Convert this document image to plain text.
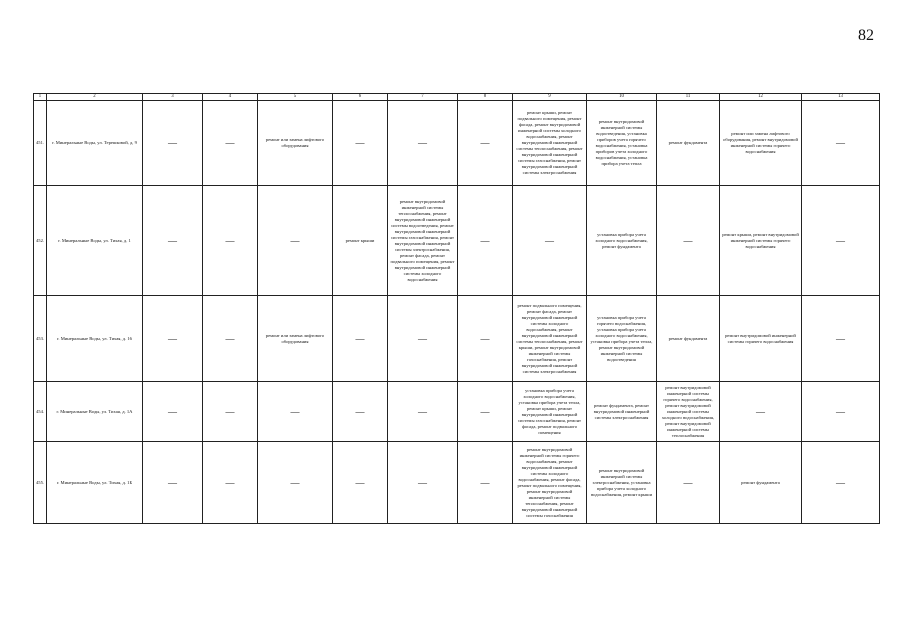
82
1	2	3	4	5	6	7	8	9	10	11	12	13
451.	г. Минеральные Воды, ул. Терешковой, д. 9	—	—	ремонт или замена лифтового оборудования	—	—	—	ремонт крыши, ремонт подвального помещения, ремонт фасада, ремонт внутридомовой инженерной системы холодного водоснабжения, ремонт внутридомовой инженерной системы теплоснабжения, ремонт внутридомовой инженерной системы газоснабжения, ремонт внутридомовой инженерной системы электроснабжения	ремонт внутридомовой инженерной системы водоотведения, установка приборов учета горячего водоснабжения, установка приборов учета холодного водоснабжения, установка прибора учета тепла	ремонт фундамента	ремонт или замена лифтового оборудования, ремонт внутридомовой инженерной системы горячего водоснабжения	—
452.	г. Минеральные Воды, ул. Тихая, д. 1	—	—	—	ремонт крыши	ремонт внутридомовой инженерной системы теплоснабжения, ремонт внутридомовой инженерной системы водоотведения, ремонт внутридомовой инженерной системы газоснабжения, ремонт внутридомовой инженерной системы электроснабжения, ремонт фасада, ремонт подвального помещения, ремонт внутридомовой инженерной системы холодного водоснабжения	—	—	установка прибора учета холодного водоснабжения, ремонт фундамента	—	ремонт крыши, ремонт внутридомовой инженерной системы горячего водоснабжения	—
453.	г. Минеральные Воды, ул. Тихая, д. 16	—	—	ремонт или замена лифтового оборудования	—	—	—	ремонт подвального помещения, ремонт фасада, ремонт внутридомовой инженерной системы холодного водоснабжения, ремонт внутридомовой инженерной системы теплоснабжения, ремонт крыши, ремонт внутридомовой инженерной системы газоснабжения, ремонт внутридомовой инженерной системы электроснабжения	установка прибора учета горячего водоснабжения, установка прибора учета холодного водоснабжения, установка прибора учета тепла, ремонт внутридомовой инженерной системы водоотведения	ремонт фундамента	ремонт внутридомовой инженерной системы горячего водоснабжения	—
454.	г. Минеральные Воды, ул. Тихая, д. 1А	—	—	—	—	—	—	установка прибора учета холодного водоснабжения, установка прибора учета тепла, ремонт крыши, ремонт внутридомовой инженерной системы газоснабжения, ремонт фасада, ремонт подвального помещения	ремонт фундамента, ремонт внутридомовой инженерной системы электроснабжения	ремонт внутридомовой инженерной системы горячего водоснабжения, ремонт внутридомовой инженерной системы холодного водоснабжения, ремонт внутридомовой инженерной системы теплоснабжения	—	—
455.	г. Минеральные Воды, ул. Тихая, д. 1Б	—	—	—	—	—	—	ремонт внутридомовой инженерной системы горячего водоснабжения, ремонт внутридомовой инженерной системы холодного водоснабжения, ремонт фасада, ремонт подвального помещения, ремонт внутридомовой инженерной системы теплоснабжения, ремонт внутридомовой инженерной системы газоснабжения	ремонт внутридомовой инженерной системы электроснабжения, установка прибора учета холодного водоснабжения, ремонт крыши	—	ремонт фундамента	—
